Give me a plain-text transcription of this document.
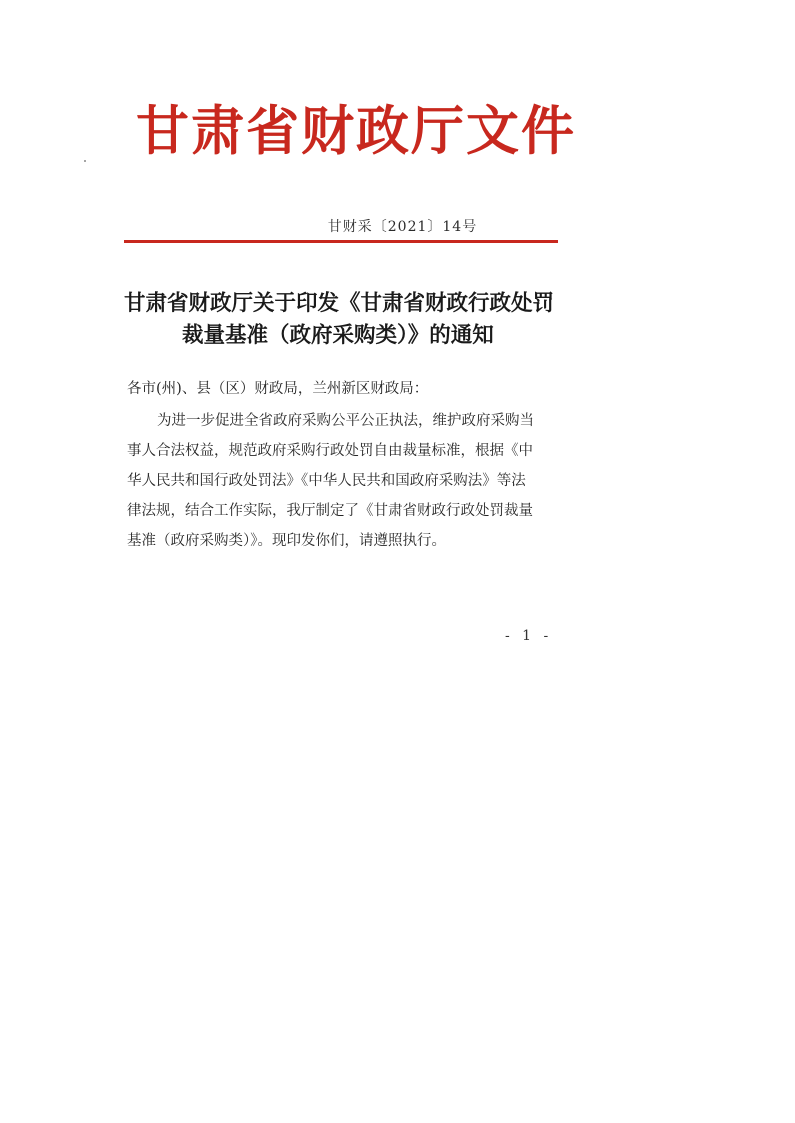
甘肃省财政厅文件
甘财采〔2021〕14号
甘肃省财政厅关于印发《甘肃省财政行政处罚
裁量基准（政府采购类）》的通知
各市(州)、县（区）财政局，兰州新区财政局：
为进一步促进全省政府采购公平公正执法，维护政府采购当
事人合法权益，规范政府采购行政处罚自由裁量标准，根据《中
华人民共和国行政处罚法》《中华人民共和国政府采购法》等法
律法规，结合工作实际，我厅制定了《甘肃省财政行政处罚裁量
基准（政府采购类）》。现印发你们，请遵照执行。
- 1 -
